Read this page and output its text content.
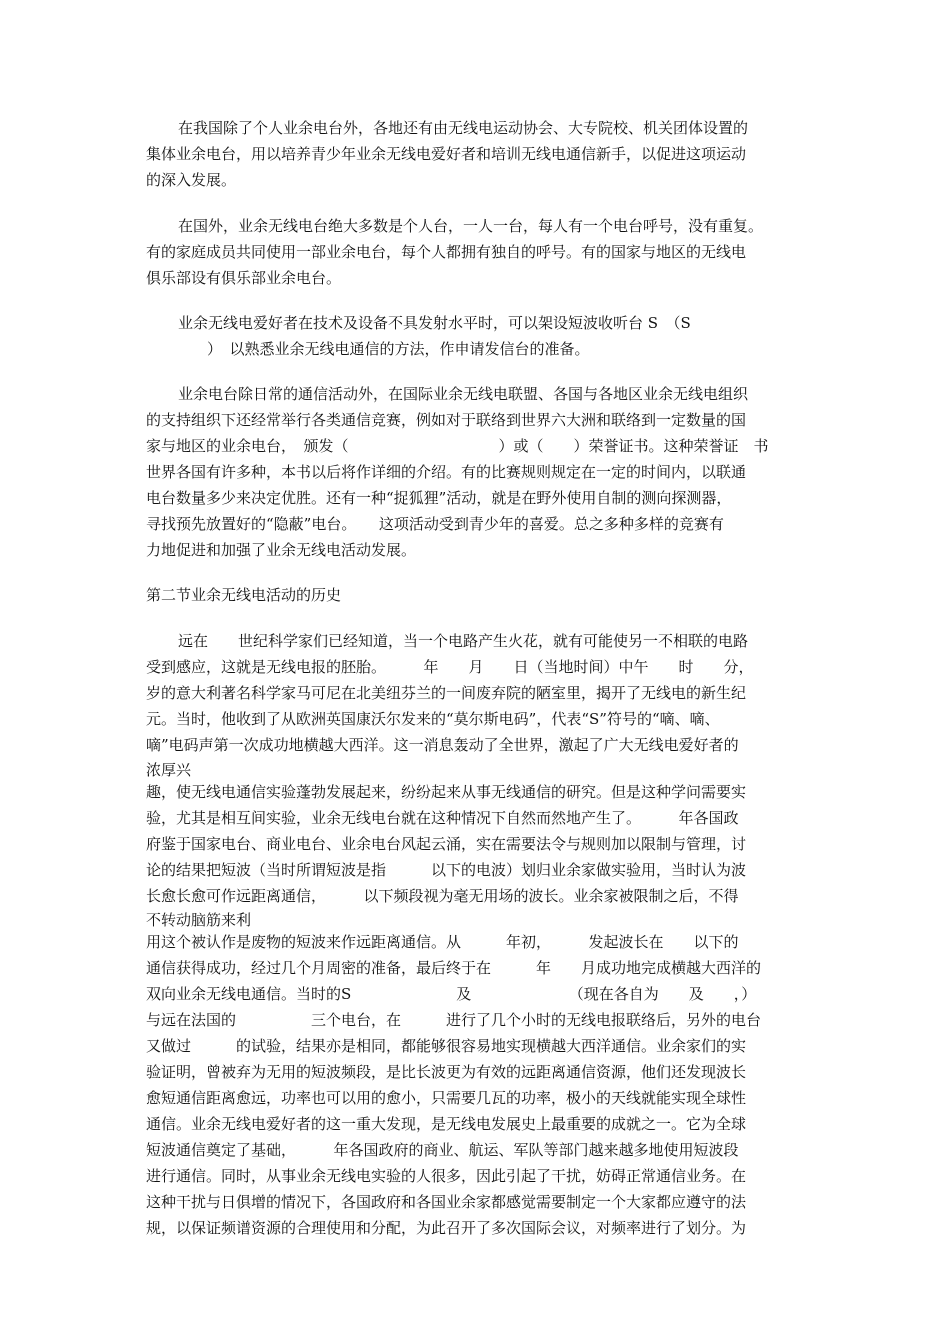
在我国除了个人业余电台外，各地还有由无线电运动协会、大专院校、机关团体设置的
集体业余电台，用以培养青少年业余无线电爱好者和培训无线电通信新手，以促进这项运动
的深入发展。
在国外，业余无线电台绝大多数是个人台，一人一台，每人有一个电台呼号，没有重复。
有的家庭成员共同使用一部业余电台，每个人都拥有独自的呼号。有的国家与地区的无线电
俱乐部设有俱乐部业余电台。
业余无线电爱好者在技术及设备不具发射水平时，可以架设短波收听台 S　（S
）　以熟悉业余无线电通信的方法，作申请发信台的准备。
业余电台除日常的通信活动外，在国际业余无线电联盟、各国与各地区业余无线电组织
的支持组织下还经常举行各类通信竞赛，例如对于联络到世界六大洲和联络到一定数量的国
家与地区的业余电台，　颁发（　　　　　　　　　　）或（　　）荣誉证书。这种荣誉证　书
世界各国有许多种，本书以后将作详细的介绍。有的比赛规则规定在一定的时间内，以联通
电台数量多少来决定优胜。还有一种“捉狐狸”活动，就是在野外使用自制的测向探测器，
寻找预先放置好的“隐蔽”电台。　　这项活动受到青少年的喜爱。总之多种多样的竞赛有
力地促进和加强了业余无线电活动发展。
第二节业余无线电活动的历史
远在　　世纪科学家们已经知道，当一个电路产生火花，就有可能使另一不相联的电路
受到感应，这就是无线电报的胚胎。　　　年　　月　　日（当地时间）中午　　时　　分，
岁的意大利著名科学家马可尼在北美纽芬兰的一间废弃院的陋室里，揭开了无线电的新生纪
元。当时，他收到了从欧洲英国康沃尔发来的“莫尔斯电码”，代表“S”符号的“嘀、嘀、
嘀”电码声第一次成功地横越大西洋。这一消息轰动了全世界，激起了广大无线电爱好者的
浓厚兴
趣，使无线电通信实验蓬勃发展起来，纷纷起来从事无线通信的研究。但是这种学问需要实
验，尤其是相互间实验，业余无线电台就在这种情况下自然而然地产生了。　　　年各国政
府鉴于国家电台、商业电台、业余电台风起云涌，实在需要法令与规则加以限制与管理，讨
论的结果把短波（当时所谓短波是指　　　以下的电波）划归业余家做实验用，当时认为波
长愈长愈可作远距离通信，　　　以下频段视为毫无用场的波长。业余家被限制之后，不得
不转动脑筋来利
用这个被认作是废物的短波来作远距离通信。从　　　年初，　　　发起波长在　　以下的
通信获得成功，经过几个月周密的准备，最后终于在　　　年　　月成功地完成横越大西洋的
双向业余无线电通信。当时的S　　　　　　　及　　　　　　　（现在各自为　　及　　，）
与远在法国的　　　　　三个电台，在　　　进行了几个小时的无线电报联络后，另外的电台
又做过　　　的试验，结果亦是相同，都能够很容易地实现横越大西洋通信。业余家们的实
验证明，曾被弃为无用的短波频段，是比长波更为有效的远距离通信资源，他们还发现波长
愈短通信距离愈远，功率也可以用的愈小，只需要几瓦的功率，极小的天线就能实现全球性
通信。业余无线电爱好者的这一重大发现，是无线电发展史上最重要的成就之一。它为全球
短波通信奠定了基础，　　　年各国政府的商业、航运、军队等部门越来越多地使用短波段
进行通信。同时，从事业余无线电实验的人很多，因此引起了干扰，妨碍正常通信业务。在
这种干扰与日俱增的情况下，各国政府和各国业余家都感觉需要制定一个大家都应遵守的法
规，以保证频谱资源的合理使用和分配，为此召开了多次国际会议，对频率进行了划分。为
